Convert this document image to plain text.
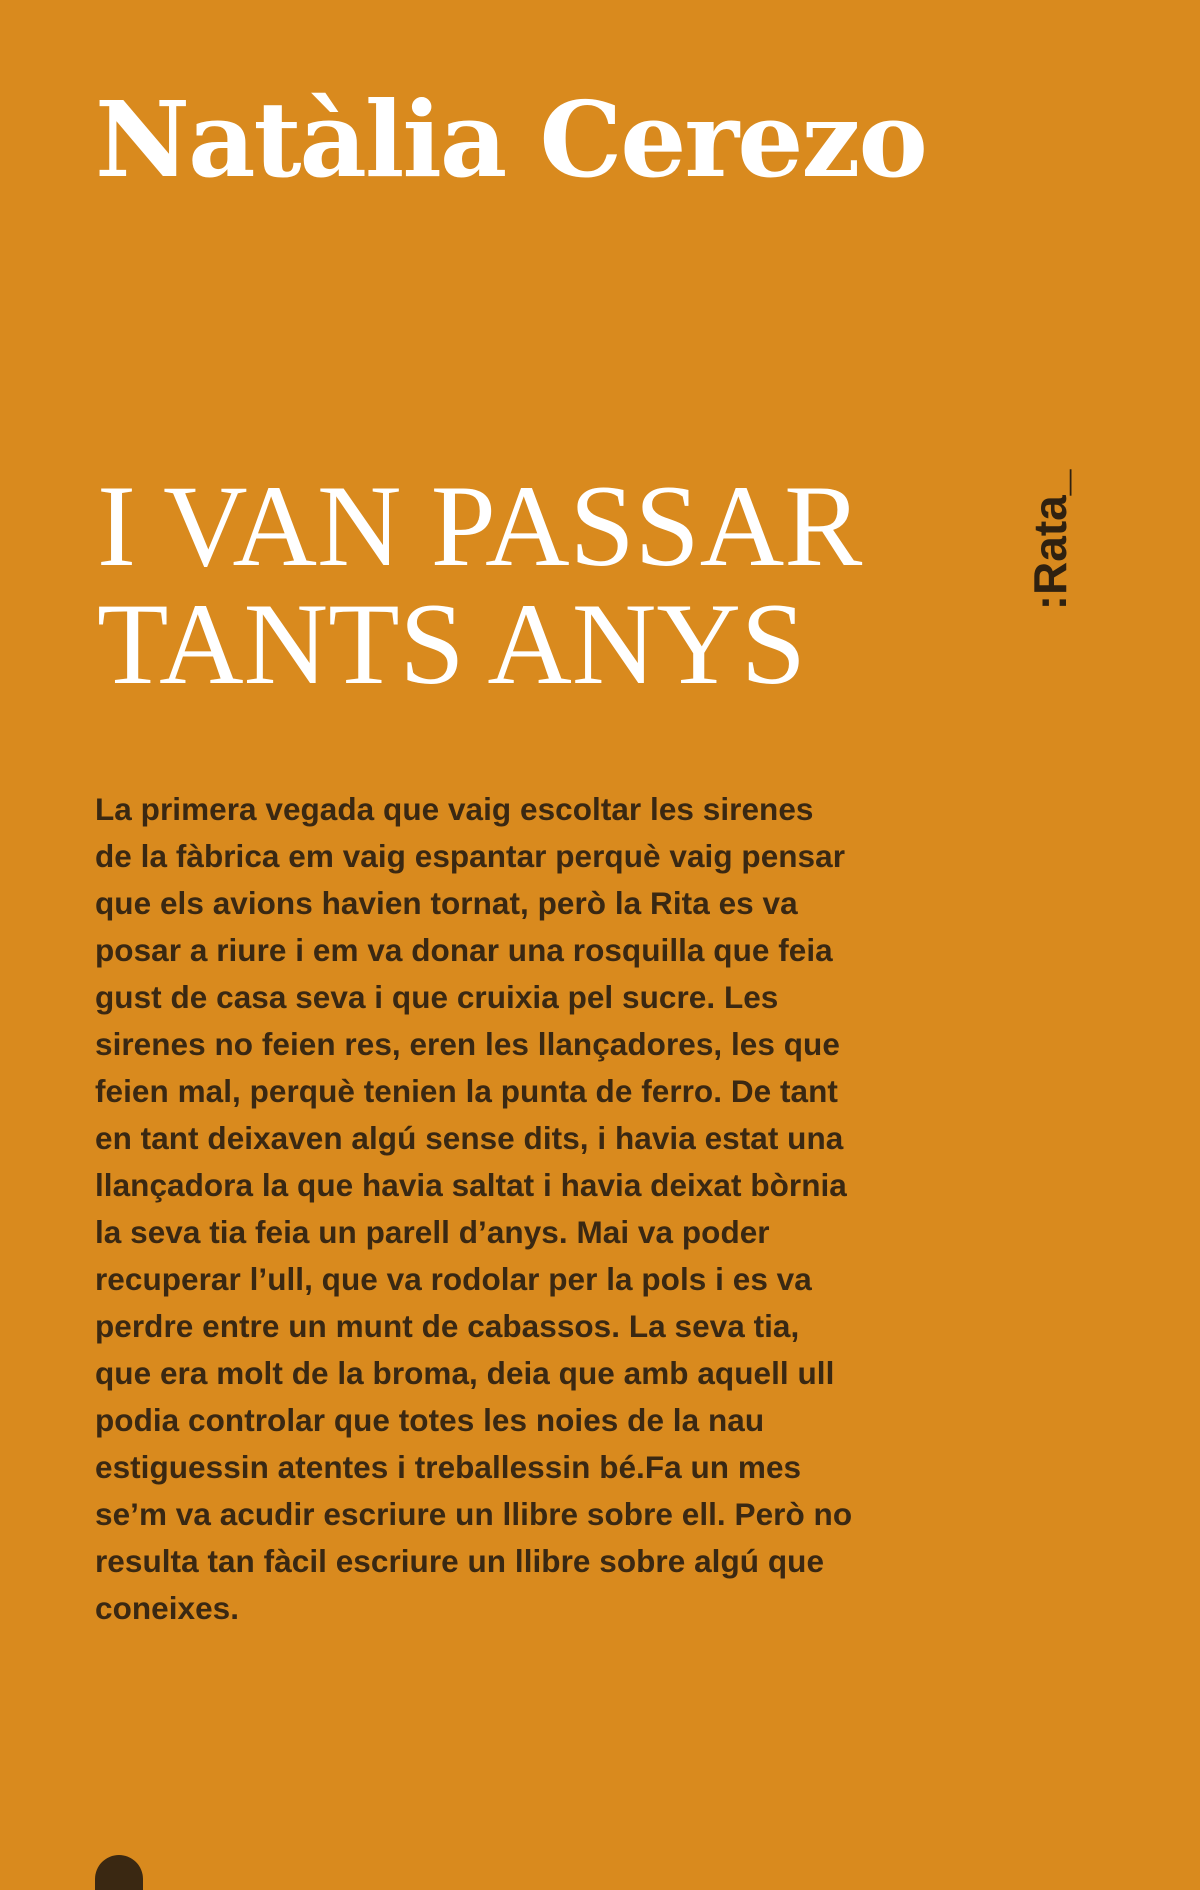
Natàlia Cerezo
I VAN PASSAR
TANTS ANYS
:Rata_

La primera vegada que vaig escoltar les sirenes
de la fàbrica em vaig espantar perquè vaig pensar
que els avions havien tornat, però la Rita es va
posar a riure i em va donar una rosquilla que feia
gust de casa seva i que cruixia pel sucre. Les
sirenes no feien res, eren les llançadores, les que
feien mal, perquè tenien la punta de ferro. De tant
en tant deixaven algú sense dits, i havia estat una
llançadora la que havia saltat i havia deixat bòrnia
la seva tia feia un parell d’anys. Mai va poder
recuperar l’ull, que va rodolar per la pols i es va
perdre entre un munt de cabassos. La seva tia,
que era molt de la broma, deia que amb aquell ull
podia controlar que totes les noies de la nau
estiguessin atentes i treballessin bé.Fa un mes
se’m va acudir escriure un llibre sobre ell. Però no
resulta tan fàcil escriure un llibre sobre algú que
coneixes.
